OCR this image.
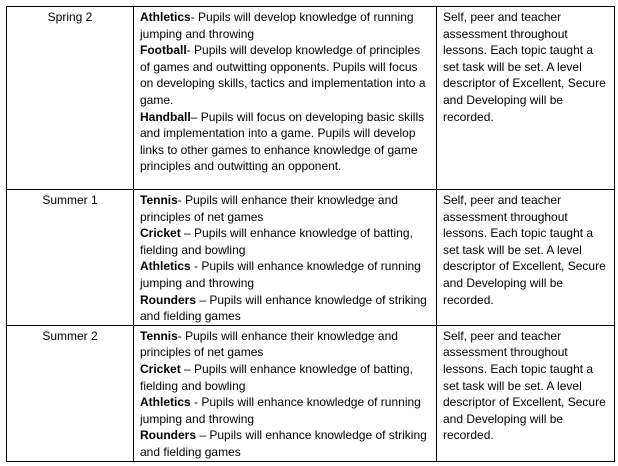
Spring 2	Athletics- Pupils will develop knowledge of running jumping and throwing

Football- Pupils will develop knowledge of principles of games and outwitting opponents. Pupils will focus on developing skills, tactics and implementation into a game.

Handball– Pupils will focus on developing basic skills and implementation into a game. Pupils will develop links to other games to enhance knowledge of game principles and outwitting an opponent.	Self, peer and teacher assessment throughout lessons. Each topic taught a set task will be set. A level descriptor of Excellent, Secure and Developing will be recorded.
Summer 1	Tennis- Pupils will enhance their knowledge and principles of net games

Cricket – Pupils will enhance knowledge of batting, fielding and bowling

Athletics - Pupils will enhance knowledge of running jumping and throwing

Rounders – Pupils will enhance knowledge of striking and fielding games	Self, peer and teacher assessment throughout lessons. Each topic taught a set task will be set. A level descriptor of Excellent, Secure and Developing will be recorded.
Summer 2	Tennis- Pupils will enhance their knowledge and principles of net games

Cricket – Pupils will enhance knowledge of batting, fielding and bowling

Athletics - Pupils will enhance knowledge of running jumping and throwing

Rounders – Pupils will enhance knowledge of striking and fielding games	Self, peer and teacher assessment throughout lessons. Each topic taught a set task will be set. A level descriptor of Excellent, Secure and Developing will be recorded.
